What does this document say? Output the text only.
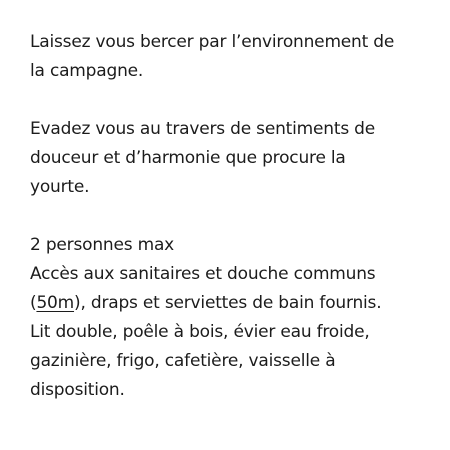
Laissez vous bercer par l’environnement de
la campagne.
Evadez vous au travers de sentiments de
douceur et d’harmonie que procure la
yourte.
2 personnes max
Accès aux sanitaires et douche communs
(50m), draps et serviettes de bain fournis.
Lit double, poêle à bois, évier eau froide,
gazinière, frigo, cafetière, vaisselle à
disposition.
